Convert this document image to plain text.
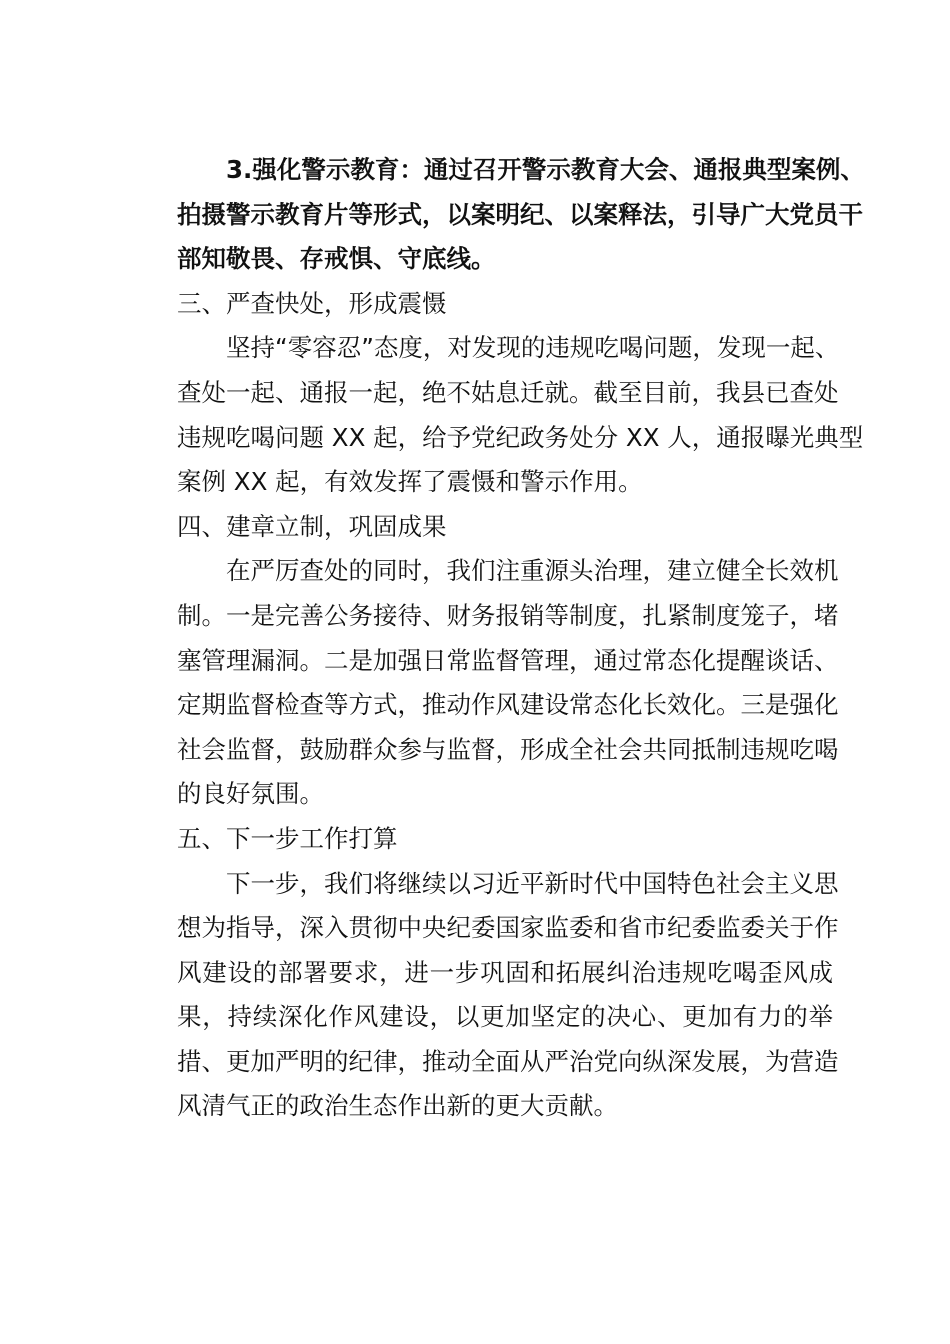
3.强化警示教育：通过召开警示教育大会、通报典型案例、
拍摄警示教育片等形式，以案明纪、以案释法，引导广大党员干
部知敬畏、存戒惧、守底线。
三、严查快处，形成震慑
坚持“零容忍”态度，对发现的违规吃喝问题，发现一起、
查处一起、通报一起，绝不姑息迁就。截至目前，我县已查处
违规吃喝问题 XX 起，给予党纪政务处分 XX 人，通报曝光典型
案例 XX 起，有效发挥了震慑和警示作用。
四、建章立制，巩固成果
在严厉查处的同时，我们注重源头治理，建立健全长效机
制。一是完善公务接待、财务报销等制度，扎紧制度笼子，堵
塞管理漏洞。二是加强日常监督管理，通过常态化提醒谈话、
定期监督检查等方式，推动作风建设常态化长效化。三是强化
社会监督，鼓励群众参与监督，形成全社会共同抵制违规吃喝
的良好氛围。
五、下一步工作打算
下一步，我们将继续以习近平新时代中国特色社会主义思
想为指导，深入贯彻中央纪委国家监委和省市纪委监委关于作
风建设的部署要求，进一步巩固和拓展纠治违规吃喝歪风成
果，持续深化作风建设，以更加坚定的决心、更加有力的举
措、更加严明的纪律，推动全面从严治党向纵深发展，为营造
风清气正的政治生态作出新的更大贡献。
